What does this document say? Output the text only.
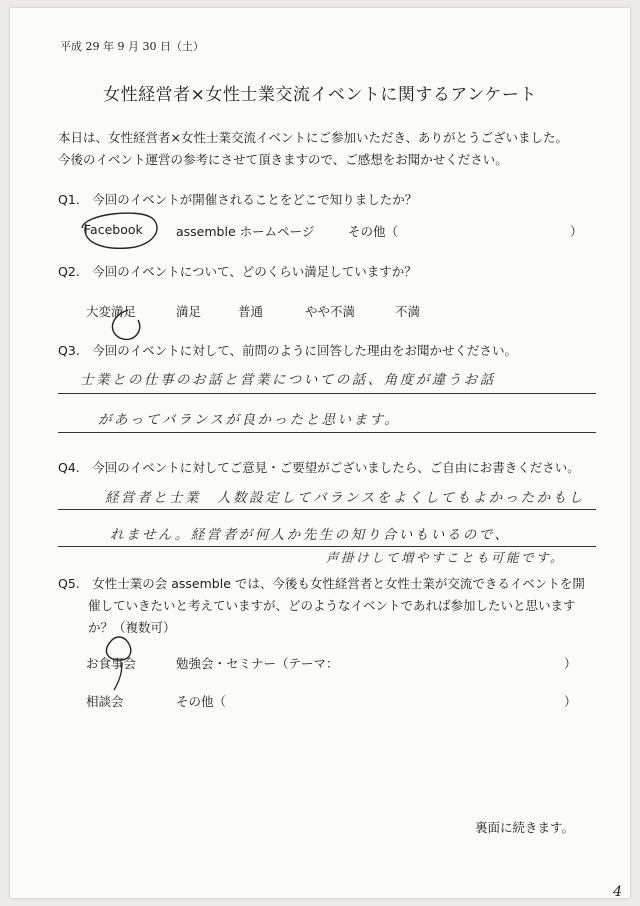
平成 29 年 9 月 30 日（土）
女性経営者×女性士業交流イベントに関するアンケート
本日は、女性経営者×女性士業交流イベントにご参加いただき、ありがとうございました。
今後のイベント運営の参考にさせて頂きますので、ご感想をお聞かせください。
Q1.　今回のイベントが開催されることをどこで知りましたか？
Facebook	assemble ホームページ	その他（	）
Q2.　今回のイベントについて、どのくらい満足していますか？
大変満足	満足	普通	やや不満	不満
Q3.　今回のイベントに対して、前問のように回答した理由をお聞かせください。
士業との仕事のお話と営業についての話、角度が違うお話
があってバランスが良かったと思います。
Q4.　今回のイベントに対してご意見・ご要望がございましたら、ご自由にお書きください。
経営者と士業　人数設定してバランスをよくしてもよかったかもし
れません。経営者が何人か先生の知り合いもいるので、
声掛けして増やすことも可能です。
Q5.　女性士業の会 assemble では、今後も女性経営者と女性士業が交流できるイベントを開
催していきたいと考えていますが、どのようなイベントであれば参加したいと思います
か？（複数可）
お食事会	勉強会・セミナー（テーマ：	）
相談会	その他（	）
裏面に続きます。
4
